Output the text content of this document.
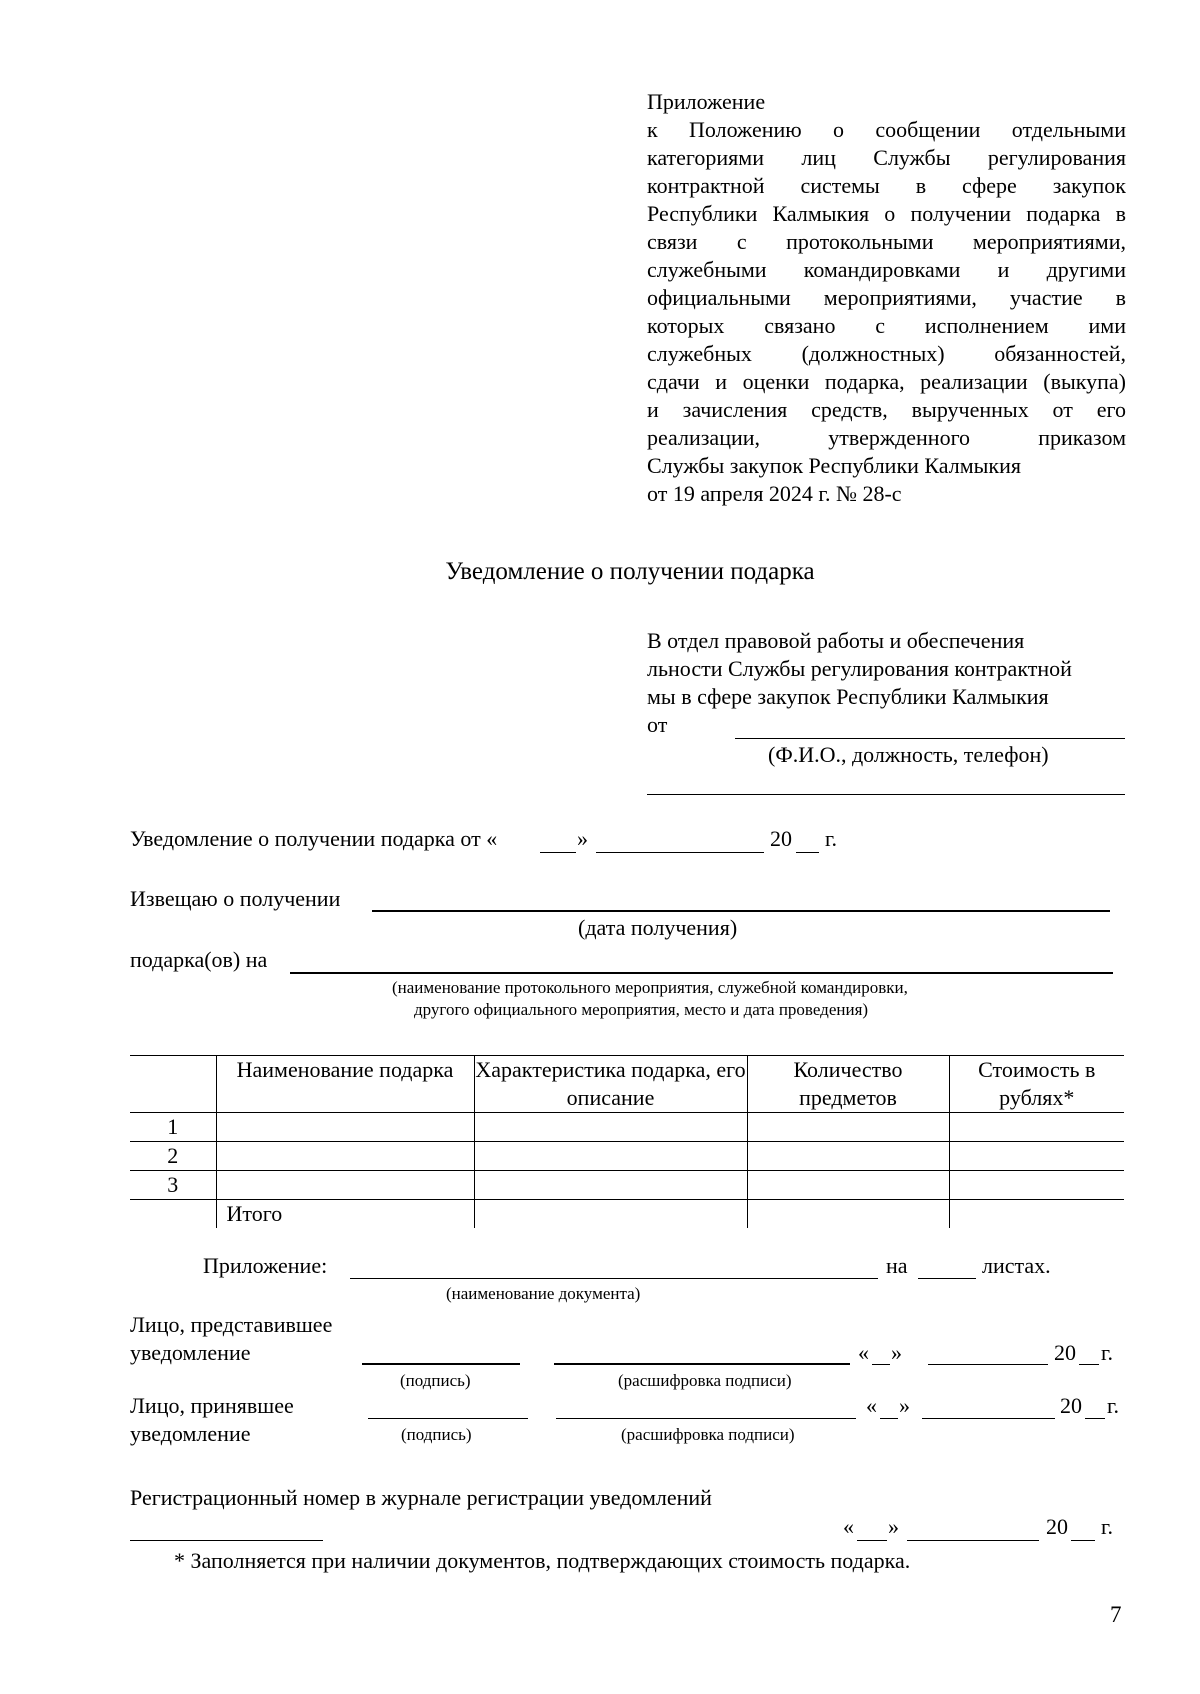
Приложение
к Положению о сообщении отдельными
категориями лиц Службы регулирования
контрактной системы в сфере закупок
Республики Калмыкия о получении подарка в
связи с протокольными мероприятиями,
служебными командировками и другими
официальными мероприятиями, участие в
которых связано с исполнением ими
служебных (должностных) обязанностей,
сдачи и оценки подарка, реализации (выкупа)
и зачисления средств, вырученных от его
реализации, утвержденного приказом
Службы закупок Республики Калмыкия
от 19 апреля 2024 г. № 28-с
Уведомление о получении подарка
В отдел правовой работы и обеспечения
льности Службы регулирования контрактной
мы в сфере закупок Республики Калмыкия
от
(Ф.И.О., должность, телефон)
Уведомление о получении подарка от «	»	20 г.
Извещаю о получении
(дата получения)
подарка(ов) на
(наименование протокольного мероприятия, служебной командировки,
другого официального мероприятия, место и дата проведения)
	Наименование подарка	Характеристика подарка, его описание	Количество предметов	Стоимость в рублях*
1				
2				
3				
	Итого			
Приложение:	на	листах.
(наименование документа)
Лицо, представившее
уведомление	« »	20 г.
(подпись)	(расшифровка подписи)
Лицо, принявшее
уведомление
« »	20 г.
(подпись)	(расшифровка подписи)
Регистрационный номер в журнале регистрации уведомлений
« »	20 г.
* Заполняется при наличии документов, подтверждающих стоимость подарка.
7
